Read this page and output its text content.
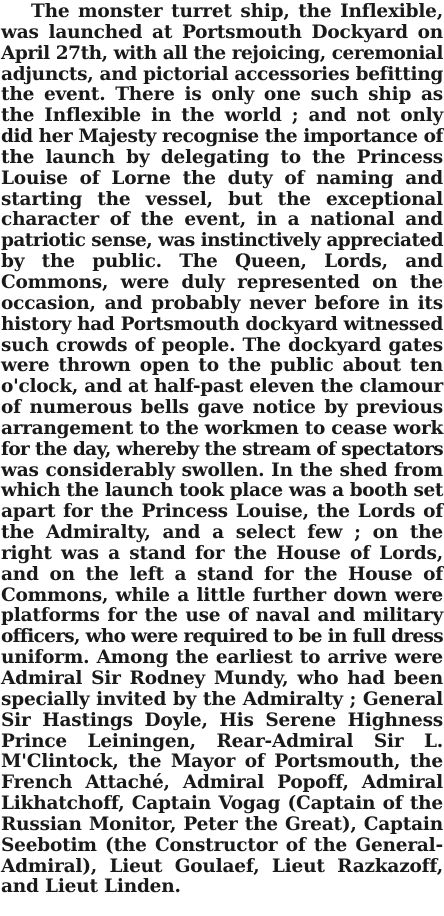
The monster turret ship, the Inflexible,
was launched at Portsmouth Dockyard on
April 27th, with all the rejoicing, ceremonial
adjuncts, and pictorial accessories befitting
the event. There is only one such ship as
the Inflexible in the world ; and not only
did her Majesty recognise the importance of
the launch by delegating to the Princess
Louise of Lorne the duty of naming and
starting the vessel, but the exceptional
character of the event, in a national and
patriotic sense, was instinctively appreciated
by the public. The Queen, Lords, and
Commons, were duly represented on the
occasion, and probably never before in its
history had Portsmouth dockyard witnessed
such crowds of people. The dockyard gates
were thrown open to the public about ten
o'clock, and at half-past eleven the clamour
of numerous bells gave notice by previous
arrangement to the workmen to cease work
for the day, whereby the stream of spectators
was considerably swollen. In the shed from
which the launch took place was a booth set
apart for the Princess Louise, the Lords of
the Admiralty, and a select few ; on the
right was a stand for the House of Lords,
and on the left a stand for the House of
Commons, while a little further down were
platforms for the use of naval and military
officers, who were required to be in full dress
uniform. Among the earliest to arrive were
Admiral Sir Rodney Mundy, who had been
specially invited by the Admiralty ; General
Sir Hastings Doyle, His Serene Highness
Prince Leiningen, Rear-Admiral Sir L.
M'Clintock, the Mayor of Portsmouth, the
French Attaché, Admiral Popoff, Admiral
Likhatchoff, Captain Vogag (Captain of the
Russian Monitor, Peter the Great), Captain
Seebotim (the Constructor of the General-
Admiral), Lieut Goulaef, Lieut Razkazoff,
and Lieut Linden.
